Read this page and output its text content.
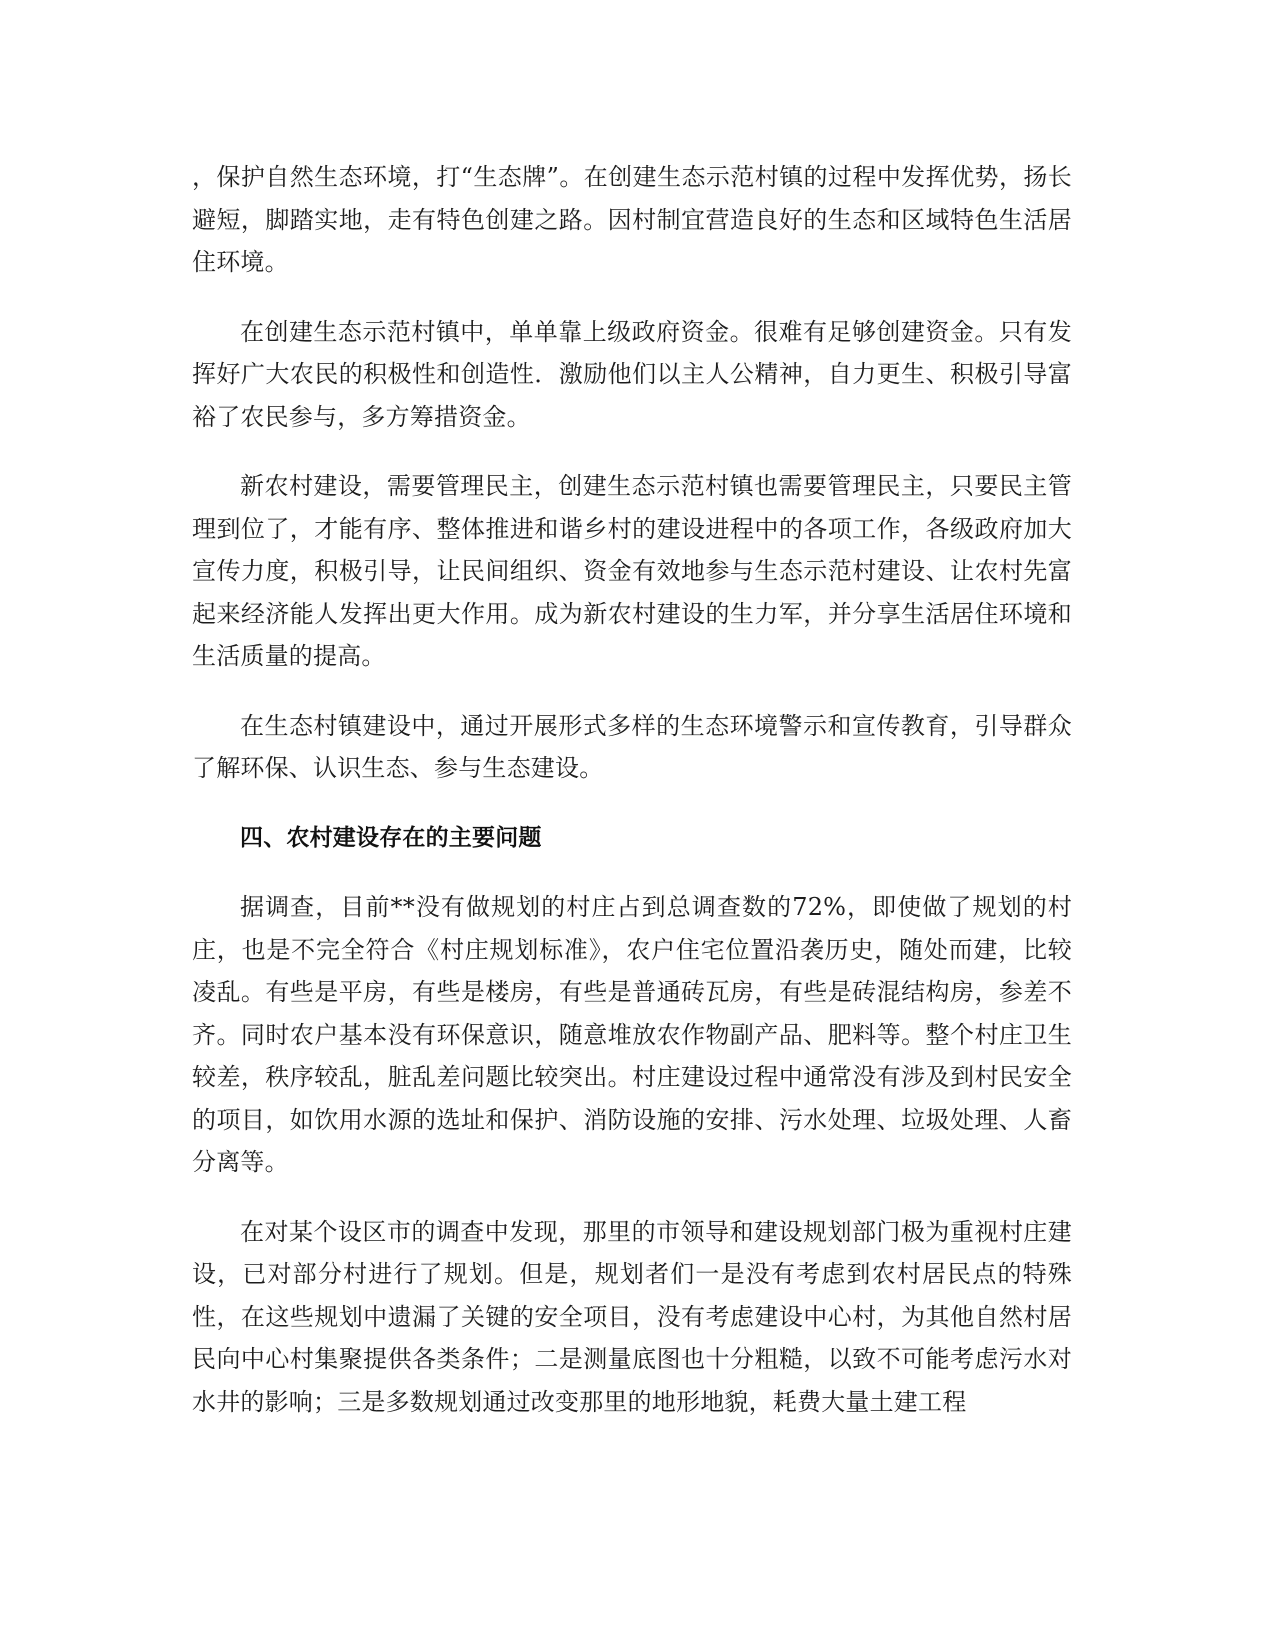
，保护自然生态环境，打“生态牌”。在创建生态示范村镇的过程中发挥优势，扬长避短，脚踏实地，走有特色创建之路。因村制宜营造良好的生态和区域特色生活居住环境。

在创建生态示范村镇中，单单靠上级政府资金。很难有足够创建资金。只有发挥好广大农民的积极性和创造性．激励他们以主人公精神，自力更生、积极引导富裕了农民参与，多方筹措资金。

新农村建设，需要管理民主，创建生态示范村镇也需要管理民主，只要民主管理到位了，才能有序、整体推进和谐乡村的建设进程中的各项工作，各级政府加大宣传力度，积极引导，让民间组织、资金有效地参与生态示范村建设、让农村先富起来经济能人发挥出更大作用。成为新农村建设的生力军，并分享生活居住环境和生活质量的提高。

在生态村镇建设中，通过开展形式多样的生态环境警示和宣传教育，引导群众了解环保、认识生态、参与生态建设。

四、农村建设存在的主要问题

据调查，目前**没有做规划的村庄占到总调查数的72%，即使做了规划的村庄，也是不完全符合《村庄规划标准》，农户住宅位置沿袭历史，随处而建，比较凌乱。有些是平房，有些是楼房，有些是普通砖瓦房，有些是砖混结构房，参差不齐。同时农户基本没有环保意识，随意堆放农作物副产品、肥料等。整个村庄卫生较差，秩序较乱，脏乱差问题比较突出。村庄建设过程中通常没有涉及到村民安全的项目，如饮用水源的选址和保护、消防设施的安排、污水处理、垃圾处理、人畜分离等。

在对某个设区市的调查中发现，那里的市领导和建设规划部门极为重视村庄建设，已对部分村进行了规划。但是，规划者们一是没有考虑到农村居民点的特殊性，在这些规划中遗漏了关键的安全项目，没有考虑建设中心村，为其他自然村居民向中心村集聚提供各类条件；二是测量底图也十分粗糙，以致不可能考虑污水对水井的影响；三是多数规划通过改变那里的地形地貌，耗费大量土建工程
